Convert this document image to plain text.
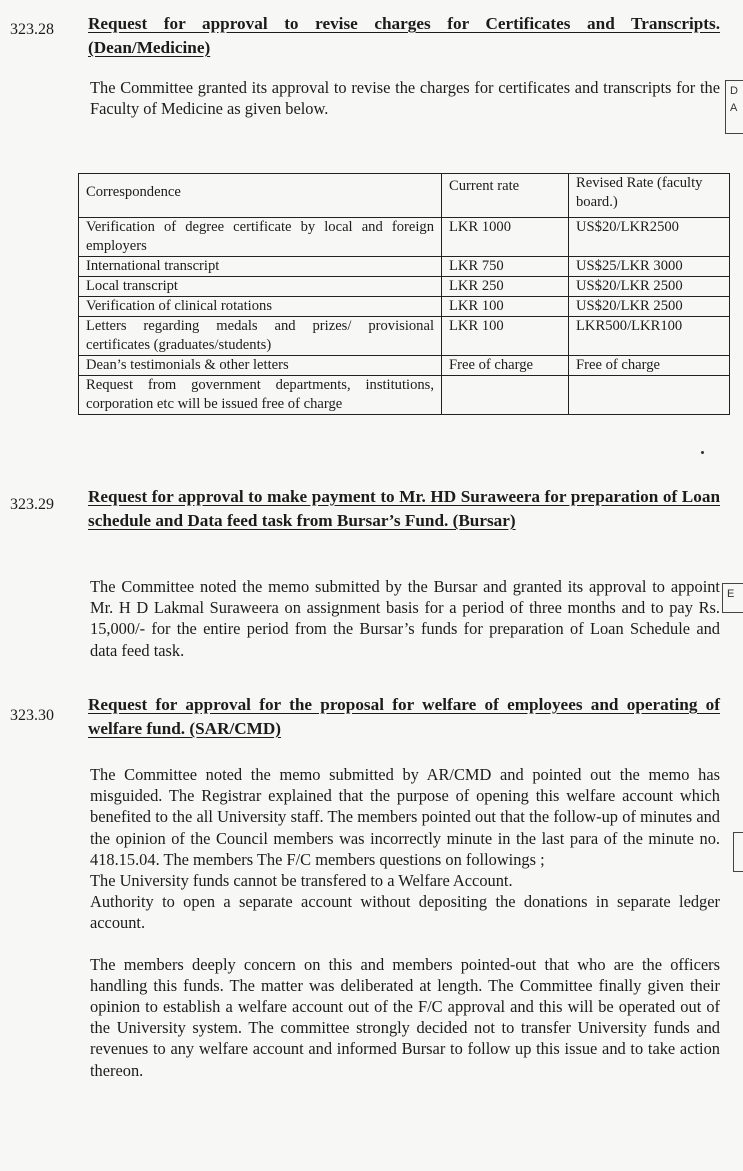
323.28 Request for approval to revise charges for Certificates and Transcripts. (Dean/Medicine)

The Committee granted its approval to revise the charges for certificates and transcripts for the Faculty of Medicine as given below.

D
A
Correspondence	Current rate	Revised Rate (faculty board.)
Verification of degree certificate by local and foreign employers	LKR 1000	US$20/LKR2500
International transcript	LKR 750	US$25/LKR 3000
Local transcript	LKR 250	US$20/LKR 2500
Verification of clinical rotations	LKR 100	US$20/LKR 2500
Letters regarding medals and prizes/ provisional certificates (graduates/students)	LKR 100	LKR500/LKR100
Dean’s testimonials & other letters	Free of charge	Free of charge
Request from government departments, institutions, corporation etc will be issued free of charge		
323.29 Request for approval to make payment to Mr. HD Suraweera for preparation of Loan schedule and Data feed task from Bursar’s Fund. (Bursar)

The Committee noted the memo submitted by the Bursar and granted its approval to appoint Mr. H D Lakmal Suraweera on assignment basis for a period of three months and to pay Rs. 15,000/- for the entire period from the Bursar’s funds for preparation of Loan Schedule and data feed task.

E
323.30
Request for approval for the proposal for welfare of employees and operating of welfare fund. (SAR/CMD)

The Committee noted the memo submitted by AR/CMD and pointed out the memo has misguided. The Registrar explained that the purpose of opening this welfare account which benefited to the all University staff. The members pointed out that the follow-up of minutes and the opinion of the Council members was incorrectly minute in the last para of the minute no. 418.15.04. The members The F/C members questions on followings ;

The University funds cannot be transfered to a Welfare Account.

Authority to open a separate account without depositing the donations in separate ledger account.

The members deeply concern on this and members pointed-out that who are the officers handling this funds. The matter was deliberated at length. The Committee finally given their opinion to establish a welfare account out of the F/C approval and this will be operated out of the University system. The committee strongly decided not to transfer University funds and revenues to any welfare account and informed Bursar to follow up this issue and to take action thereon.
